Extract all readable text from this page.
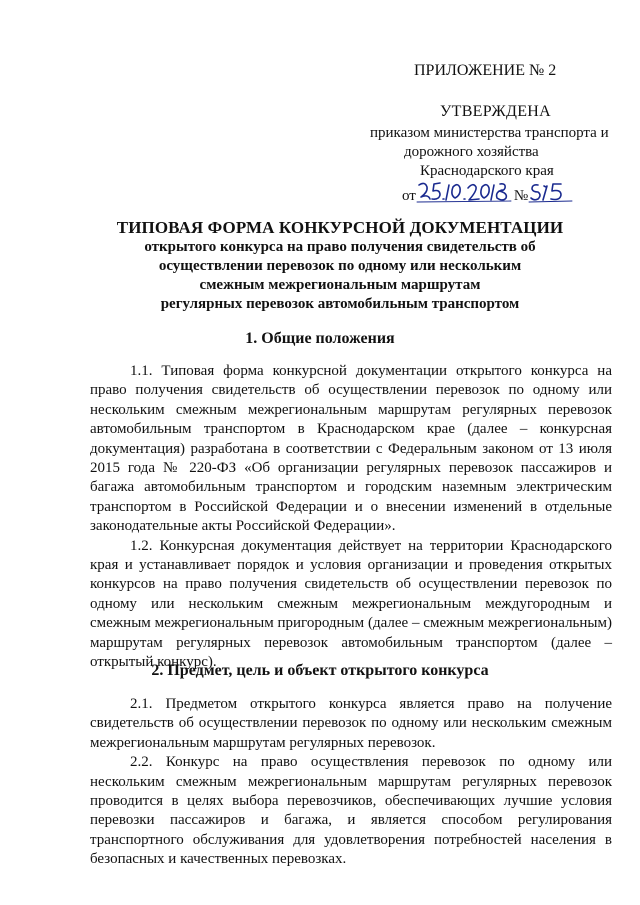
ПРИЛОЖЕНИЕ № 2
УТВЕРЖДЕНА
приказом министерства транспорта и
дорожного хозяйства
Краснодарского края
от	№
ТИПОВАЯ ФОРМА КОНКУРСНОЙ ДОКУМЕНТАЦИИ
открытого конкурса на право получения свидетельств об
осуществлении перевозок по одному или нескольким
смежным межрегиональным маршрутам
регулярных перевозок автомобильным транспортом
1. Общие положения

1.1. Типовая форма конкурсной документации открытого конкурса на право получения свидетельств об осуществлении перевозок по одному или нескольким смежным межрегиональным маршрутам регулярных перевозок автомобильным транспортом в Краснодарском крае (далее – конкурсная документация) разработана в соответствии с Федеральным законом от 13 июля 2015 года № 220-ФЗ «Об организации регулярных перевозок пассажиров и багажа автомобильным транспортом и городским наземным электрическим транспортом в Российской Федерации и о внесении изменений в отдельные законодательные акты Российской Федерации».

1.2. Конкурсная документация действует на территории Краснодарского края и устанавливает порядок и условия организации и проведения открытых конкурсов на право получения свидетельств об осуществлении перевозок по одному или нескольким смежным межрегиональным междугородным и смежным межрегиональным пригородным (далее – смежным межрегиональным) маршрутам регулярных перевозок автомобильным транспортом (далее – открытый конкурс).

2. Предмет, цель и объект открытого конкурса

2.1. Предметом открытого конкурса является право на получение свидетельств об осуществлении перевозок по одному или нескольким смежным межрегиональным маршрутам регулярных перевозок.

2.2. Конкурс на право осуществления перевозок по одному или нескольким смежным межрегиональным маршрутам регулярных перевозок проводится в целях выбора перевозчиков, обеспечивающих лучшие условия перевозки пассажиров и багажа, и является способом регулирования транспортного обслуживания для удовлетворения потребностей населения в безопасных и качественных перевозках.
